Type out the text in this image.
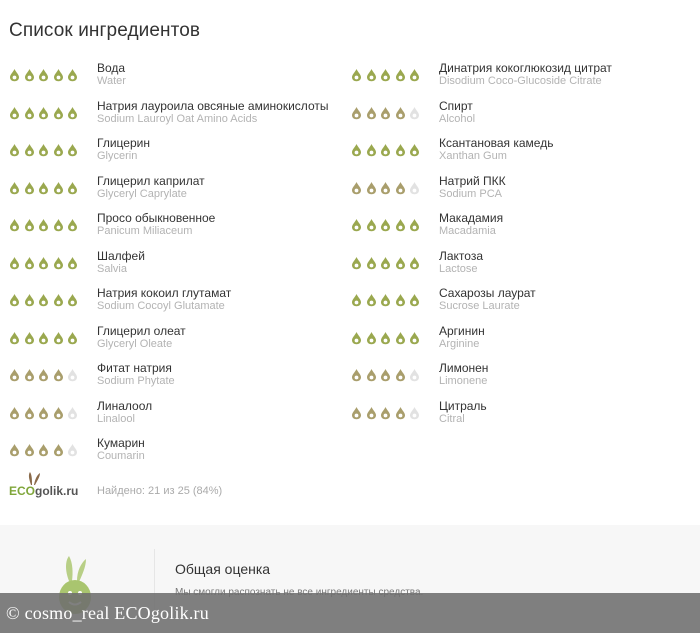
Список ингредиентов
Вода
Water
Натрия лауроила овсяные аминокислоты
Sodium Lauroyl Oat Amino Acids
Глицерин
Glycerin
Глицерил каприлат
Glyceryl Caprylate
Просо обыкновенное
Panicum Miliaceum
Шалфей
Salvia
Натрия кокоил глутамат
Sodium Cocoyl Glutamate
Глицерил олеат
Glyceryl Oleate
Фитат натрия
Sodium Phytate
Линалоол
Linalool
Кумарин
Coumarin
Динатрия кокоглюкозид цитрат
Disodium Coco-Glucoside Citrate
Спирт
Alcohol
Ксантановая камедь
Xanthan Gum
Натрий ПКК
Sodium PCA
Макадамия
Macadamia
Лактоза
Lactose
Сахарозы лаурат
Sucrose Laurate
Аргинин
Arginine
Лимонен
Limonene
Цитраль
Citral
ECOgolik.ru Найдено: 21 из 25 (84%)
Общая оценка
© cosmo_real ECOgolik.ru
